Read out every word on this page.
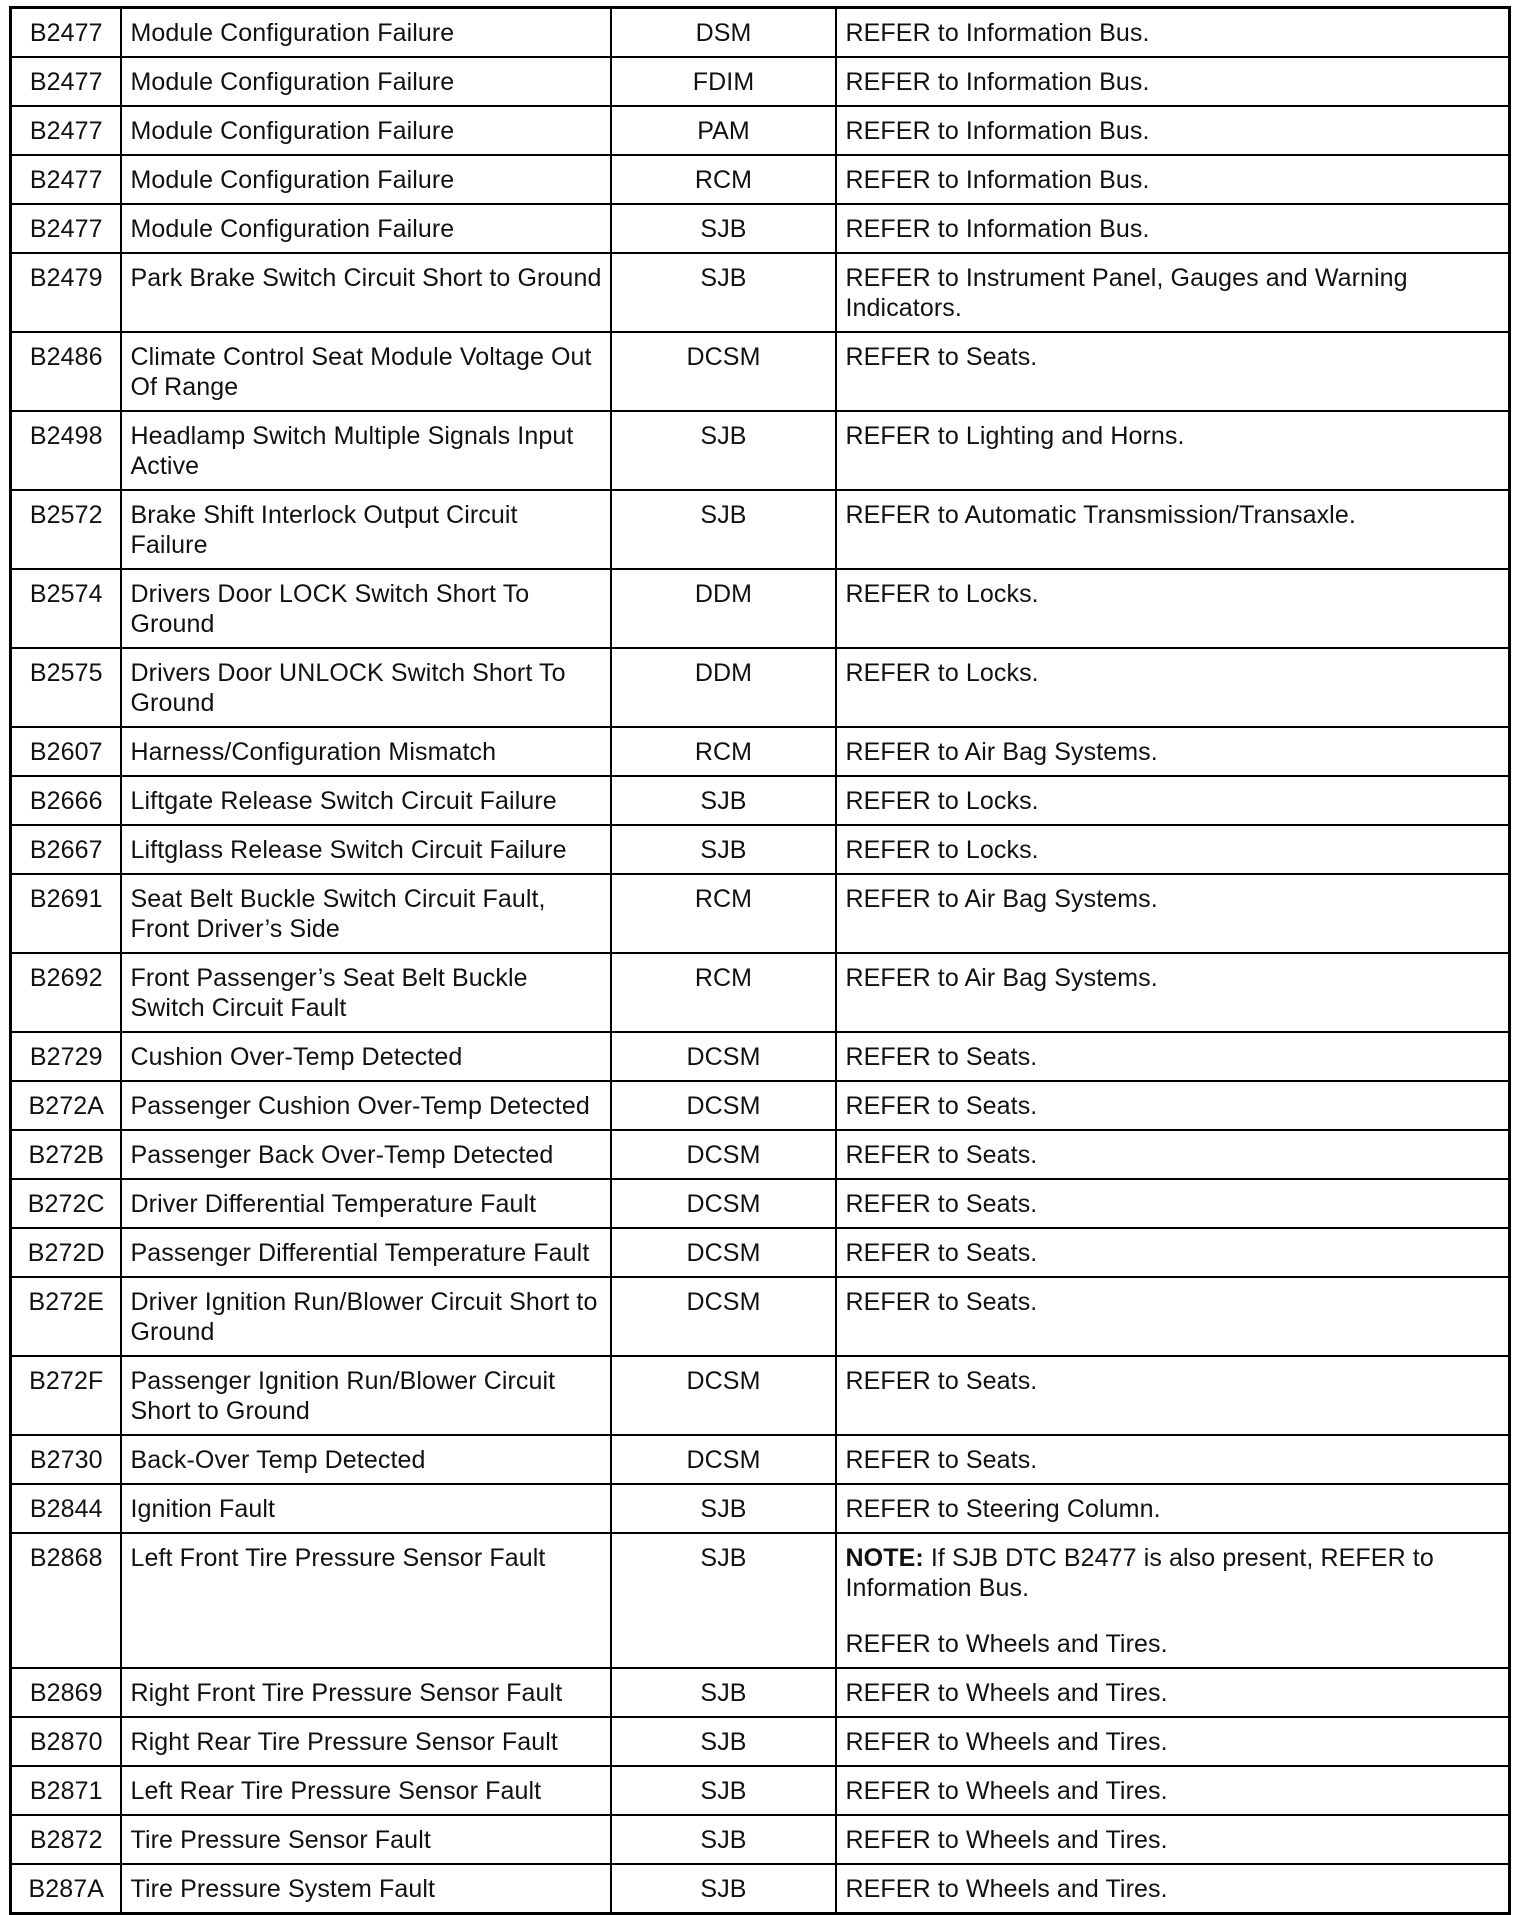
B2477	Module Configuration Failure	DSM	REFER to Information Bus.

B2477	Module Configuration Failure	FDIM	REFER to Information Bus.

B2477	Module Configuration Failure	PAM	REFER to Information Bus.

B2477	Module Configuration Failure	RCM	REFER to Information Bus.

B2477	Module Configuration Failure	SJB	REFER to Information Bus.

B2479	Park Brake Switch Circuit Short to Ground	SJB	REFER to Instrument Panel, Gauges and Warning Indicators.

B2486	Climate Control Seat Module Voltage Out Of Range	DCSM	REFER to Seats.

B2498	Headlamp Switch Multiple Signals Input Active	SJB	REFER to Lighting and Horns.

B2572	Brake Shift Interlock Output Circuit Failure	SJB	REFER to Automatic Transmission/Transaxle.

B2574	Drivers Door LOCK Switch Short To Ground	DDM	REFER to Locks.

B2575	Drivers Door UNLOCK Switch Short To Ground	DDM	REFER to Locks.

B2607	Harness/Configuration Mismatch	RCM	REFER to Air Bag Systems.

B2666	Liftgate Release Switch Circuit Failure	SJB	REFER to Locks.

B2667	Liftglass Release Switch Circuit Failure	SJB	REFER to Locks.

B2691	Seat Belt Buckle Switch Circuit Fault, Front Driver’s Side	RCM	REFER to Air Bag Systems.

B2692	Front Passenger’s Seat Belt Buckle Switch Circuit Fault	RCM	REFER to Air Bag Systems.

B2729	Cushion Over-Temp Detected	DCSM	REFER to Seats.

B272A	Passenger Cushion Over-Temp Detected	DCSM	REFER to Seats.

B272B	Passenger Back Over-Temp Detected	DCSM	REFER to Seats.

B272C	Driver Differential Temperature Fault	DCSM	REFER to Seats.

B272D	Passenger Differential Temperature Fault	DCSM	REFER to Seats.

B272E	Driver Ignition Run/Blower Circuit Short to Ground	DCSM	REFER to Seats.

B272F	Passenger Ignition Run/Blower Circuit Short to Ground	DCSM	REFER to Seats.

B2730	Back-Over Temp Detected	DCSM	REFER to Seats.

B2844	Ignition Fault	SJB	REFER to Steering Column.

B2868	Left Front Tire Pressure Sensor Fault	SJB	NOTE: If SJB DTC B2477 is also present, REFER to Information Bus.
REFER to Wheels and Tires.

B2869	Right Front Tire Pressure Sensor Fault	SJB	REFER to Wheels and Tires.

B2870	Right Rear Tire Pressure Sensor Fault	SJB	REFER to Wheels and Tires.

B2871	Left Rear Tire Pressure Sensor Fault	SJB	REFER to Wheels and Tires.

B2872	Tire Pressure Sensor Fault	SJB	REFER to Wheels and Tires.

B287A	Tire Pressure System Fault	SJB	REFER to Wheels and Tires.
